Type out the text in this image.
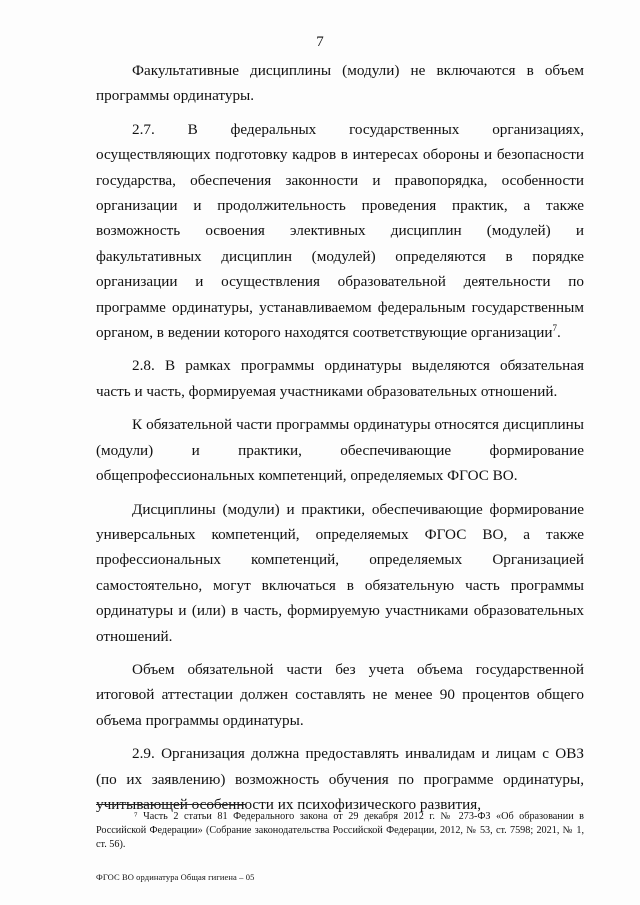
7

Факультативные дисциплины (модули) не включаются в объем программы ординатуры.

2.7. В федеральных государственных организациях, осуществляющих подготовку кадров в интересах обороны и безопасности государства, обеспечения законности и правопорядка, особенности организации и продолжительность проведения практик, а также возможность освоения элективных дисциплин (модулей) и факультативных дисциплин (модулей) определяются в порядке организации и осуществления образовательной деятельности по программе ординатуры, устанавливаемом федеральным государственным органом, в ведении которого находятся соответствующие организации$^7$.

2.8. В рамках программы ординатуры выделяются обязательная часть и часть, формируемая участниками образовательных отношений.

К обязательной части программы ординатуры относятся дисциплины (модули) и практики, обеспечивающие формирование общепрофессиональных компетенций, определяемых ФГОС ВО.

Дисциплины (модули) и практики, обеспечивающие формирование универсальных компетенций, определяемых ФГОС ВО, а также профессиональных компетенций, определяемых Организацией самостоятельно, могут включаться в обязательную часть программы ординатуры и (или) в часть, формируемую участниками образовательных отношений.

Объем обязательной части без учета объема государственной итоговой аттестации должен составлять не менее 90 процентов общего объема программы ординатуры.

2.9. Организация должна предоставлять инвалидам и лицам с ОВЗ (по их заявлению) возможность обучения по программе ординатуры, учитывающей особенности их психофизического развития,

⁷ Часть 2 статьи 81 Федерального закона от 29 декабря 2012 г. № 273-ФЗ «Об образовании в Российской Федерации» (Собрание законодательства Российской Федерации, 2012, № 53, ст. 7598; 2021, № 1, ст. 56).
ФГОС ВО ординатура Общая гигиена – 05
